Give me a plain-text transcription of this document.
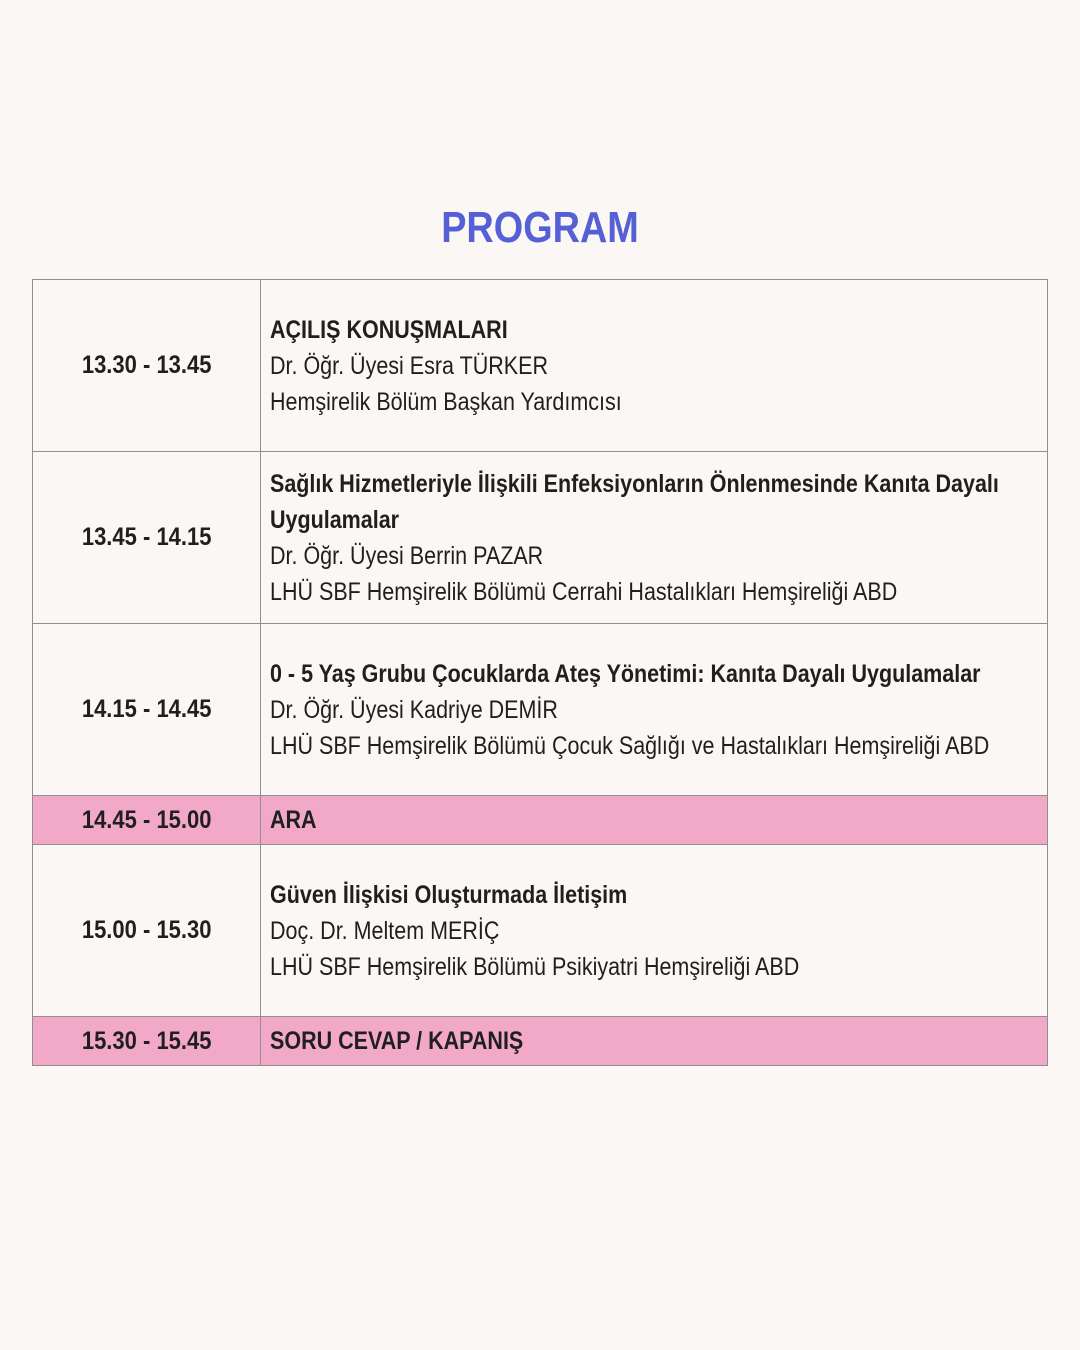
PROGRAM
13.30 - 13.45	AÇILIŞ KONUŞMALARI
Dr. Öğr. Üyesi Esra TÜRKER
Hemşirelik Bölüm Başkan Yardımcısı

13.45 - 14.15	Sağlık Hizmetleriyle İlişkili Enfeksiyonların Önlenmesinde Kanıta Dayalı
Uygulamalar
Dr. Öğr. Üyesi Berrin PAZAR
LHÜ SBF Hemşirelik Bölümü Cerrahi Hastalıkları Hemşireliği ABD

14.15 - 14.45	0 - 5 Yaş Grubu Çocuklarda Ateş Yönetimi: Kanıta Dayalı Uygulamalar
Dr. Öğr. Üyesi Kadriye DEMİR
LHÜ SBF Hemşirelik Bölümü Çocuk Sağlığı ve Hastalıkları Hemşireliği ABD

14.45 - 15.00	ARA
15.00 - 15.30	Güven İlişkisi Oluşturmada İletişim
Doç. Dr. Meltem MERİÇ
LHÜ SBF Hemşirelik Bölümü Psikiyatri Hemşireliği ABD

15.30 - 15.45	SORU CEVAP / KAPANIŞ
